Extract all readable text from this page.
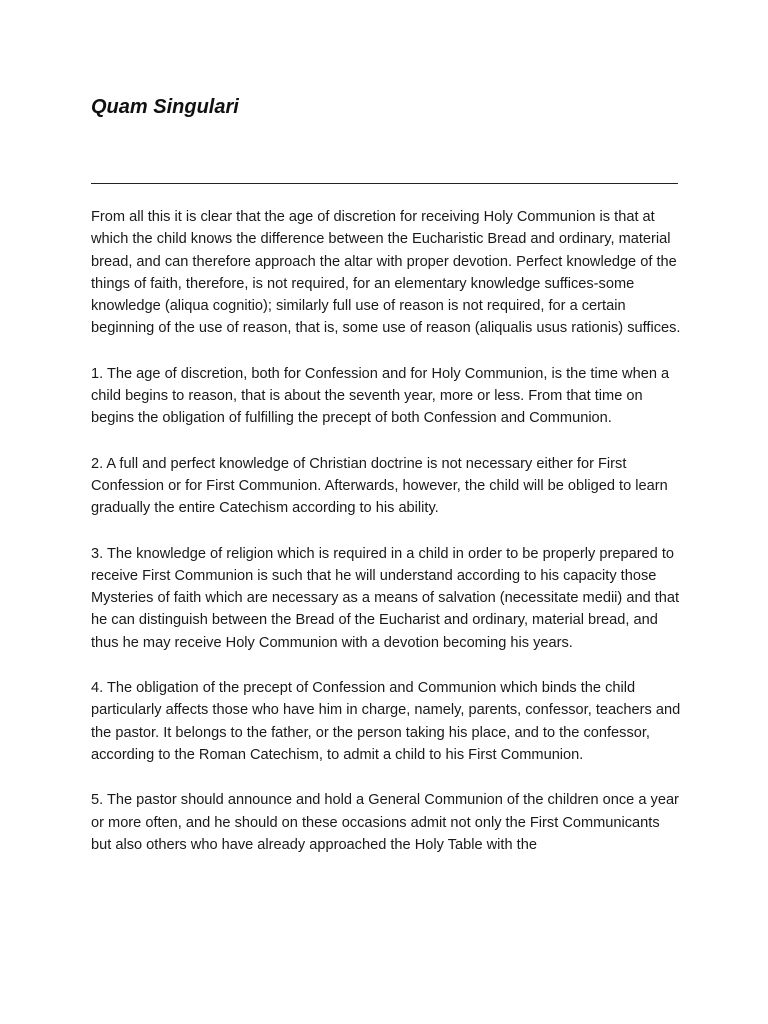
Quam Singulari

From all this it is clear that the age of discretion for receiving Holy Communion is that at which the child knows the difference between the Eucharistic Bread and ordinary, material bread, and can therefore approach the altar with proper devotion. Perfect knowledge of the things of faith, therefore, is not required, for an elementary knowledge suffices-some knowledge (aliqua cognitio); similarly full use of reason is not required, for a certain beginning of the use of reason, that is, some use of reason (aliqualis usus rationis) suffices.

1. The age of discretion, both for Confession and for Holy Communion, is the time when a child begins to reason, that is about the seventh year, more or less. From that time on begins the obligation of fulfilling the precept of both Confession and Communion.

2. A full and perfect knowledge of Christian doctrine is not necessary either for First Confession or for First Communion. Afterwards, however, the child will be obliged to learn gradually the entire Catechism according to his ability.

3. The knowledge of religion which is required in a child in order to be properly prepared to receive First Communion is such that he will understand according to his capacity those Mysteries of faith which are necessary as a means of salvation (necessitate medii) and that he can distinguish between the Bread of the Eucharist and ordinary, material bread, and thus he may receive Holy Communion with a devotion becoming his years.

4. The obligation of the precept of Confession and Communion which binds the child particularly affects those who have him in charge, namely, parents, confessor, teachers and the pastor. It belongs to the father, or the person taking his place, and to the confessor, according to the Roman Catechism, to admit a child to his First Communion.

5. The pastor should announce and hold a General Communion of the children once a year or more often, and he should on these occasions admit not only the First Communicants but also others who have already approached the Holy Table with the
